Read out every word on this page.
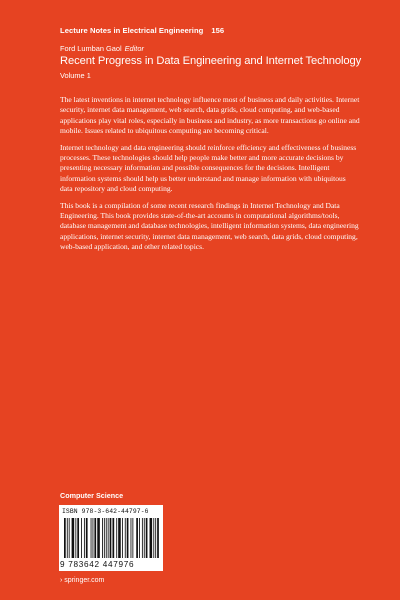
Lecture Notes in Electrical Engineering 156
Ford Lumban Gaol Editor
Recent Progress in Data Engineering and Internet Technology
Volume 1

The latest inventions in internet technology influence most of business and daily activities. Internet security, internet data management, web search, data grids, cloud computing, and web-based applications play vital roles, especially in business and industry, as more transactions go online and mobile. Issues related to ubiquitous computing are becoming critical.

Internet technology and data engineering should reinforce efficiency and effectiveness of business processes. These technologies should help people make better and more accurate decisions by presenting necessary information and possible consequences for the decisions. Intelligent information systems should help us better understand and manage information with ubiquitous data repository and cloud computing.

This book is a compilation of some recent research findings in Internet Technology and Data Engineering. This book provides state-of-the-art accounts in computational algorithms/tools, database management and database technologies, intelligent information systems, data engineering applications, internet security, internet data management, web search, data grids, cloud computing, web-based application, and other related topics.

Computer Science
ISBN 978-3-642-44797-6
9 783642 447976
› springer.com
